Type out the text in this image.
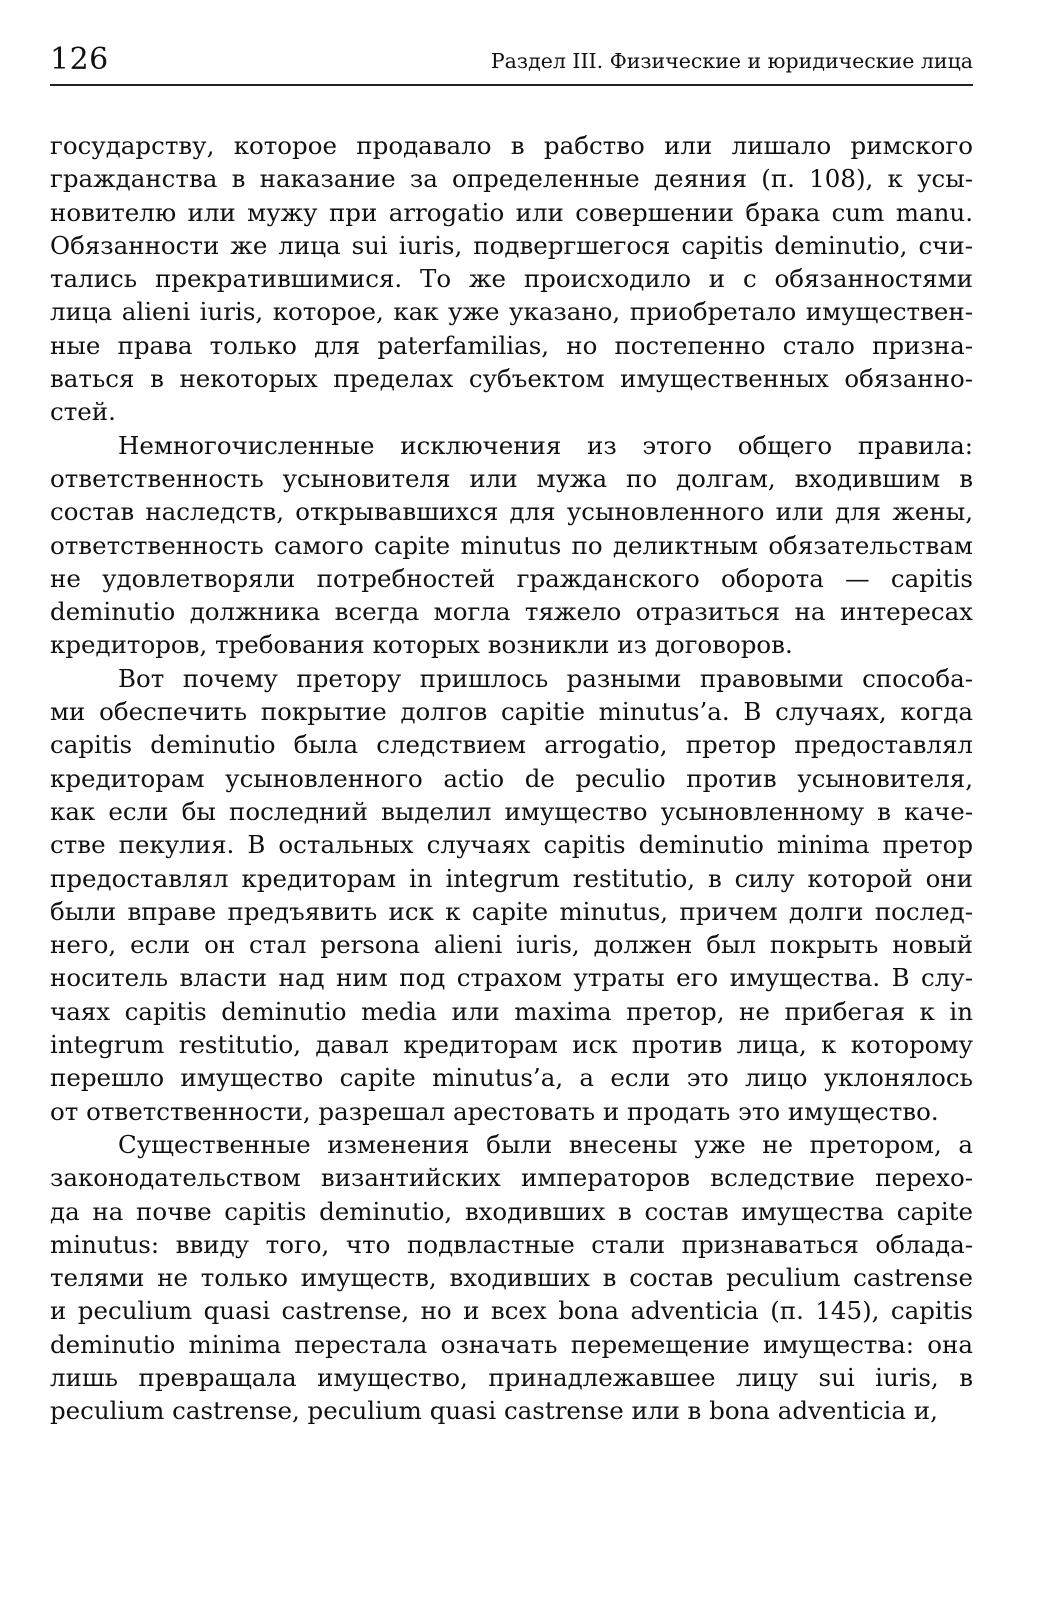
126	Раздел III. Физические и юридические лица
государству, которое продавало в рабство или лишало римского
гражданства в наказание за определенные деяния (п. 108), к усы-
новителю или мужу при arrogatio или совершении брака cum manu.
Обязанности же лица sui iuris, подвергшегося capitis deminutio, счи-
тались прекратившимися. То же происходило и с обязанностями
лица alieni iuris, которое, как уже указано, приобретало имуществен-
ные права только для paterfamilias, но постепенно стало призна-
ваться в некоторых пределах субъектом имущественных обязанно-
стей.
Немногочисленные исключения из этого общего правила:
ответственность усыновителя или мужа по долгам, входившим в
состав наследств, открывавшихся для усыновленного или для жены,
ответственность самого capite minutus по деликтным обязательствам
не удовлетворяли потребностей гражданского оборота — capitis
deminutio должника всегда могла тяжело отразиться на интересах
кредиторов, требования которых возникли из договоров.
Вот почему претору пришлось разными правовыми способа-
ми обеспечить покрытие долгов capitie minutus’a. В случаях, когда
capitis deminutio была следствием arrogatio, претор предоставлял
кредиторам усыновленного actio de peculio против усыновителя,
как если бы последний выделил имущество усыновленному в каче-
стве пекулия. В остальных случаях capitis deminutio minima претор
предоставлял кредиторам in integrum restitutio, в силу которой они
были вправе предъявить иск к capite minutus, причем долги послед-
него, если он стал persona alieni iuris, должен был покрыть новый
носитель власти над ним под страхом утраты его имущества. В слу-
чаях capitis deminutio media или maxima претор, не прибегая к in
integrum restitutio, давал кредиторам иск против лица, к которому
перешло имущество capite minutus’a, а если это лицо уклонялось
от ответственности, разрешал арестовать и продать это имущество.
Существенные изменения были внесены уже не претором, а
законодательством византийских императоров вследствие перехо-
да на почве capitis deminutio, входивших в состав имущества capite
minutus: ввиду того, что подвластные стали признаваться облада-
телями не только имуществ, входивших в состав peculium castrense
и peculium quasi castrense, но и всех bona adventicia (п. 145), capitis
deminutio minima перестала означать перемещение имущества: она
лишь превращала имущество, принадлежавшее лицу sui iuris, в
peculium castrense, peculium quasi castrense или в bona adventicia и,
